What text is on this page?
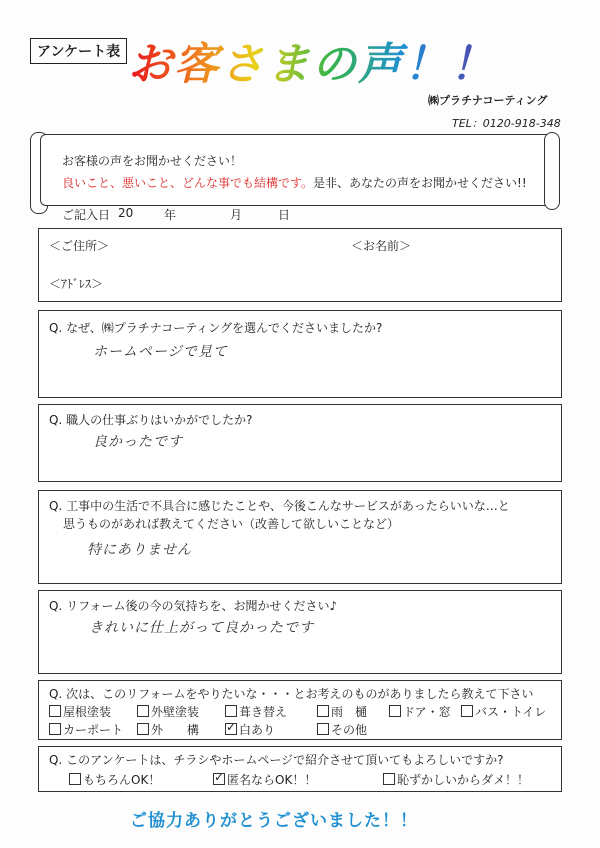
アンケート表 お客さまの声！！
㈱プラチナコーティング
TEL：0120-918-348
お客様の声をお聞かせください！
良いこと、悪いこと、どんな事でも結構です。是非、あなたの声をお聞かせください!!
ご記入日 20	年	月	日
＜ご住所＞	＜お名前＞
＜ｱﾄﾞﾚｽ＞
Q. なぜ、㈱プラチナコーティングを選んでくださいましたか?
ホームページで見て
Q. 職人の仕事ぶりはいかがでしたか?
良かったです
Q. 工事中の生活で不具合に感じたことや、今後こんなサービスがあったらいいな…と
思うものがあれば教えてください（改善して欲しいことなど）
特にありません
Q. リフォーム後の今の気持ちを、お聞かせください♪
きれいに仕上がって良かったです
Q. 次は、このリフォームをやりたいな・・・とお考えのものがありましたら教えて下さい
屋根塗装	外壁塗装	葺き替え	雨　樋	ドア・窓	バス・トイレ
カーポート	外　　構 ✓	白あり	その他
Q. このアンケートは、チラシやホームページで紹介させて頂いてもよろしいですか?
もちろんOK！ ✓	匿名ならOK！！	恥ずかしいからダメ！！
ご協力ありがとうございました！！
